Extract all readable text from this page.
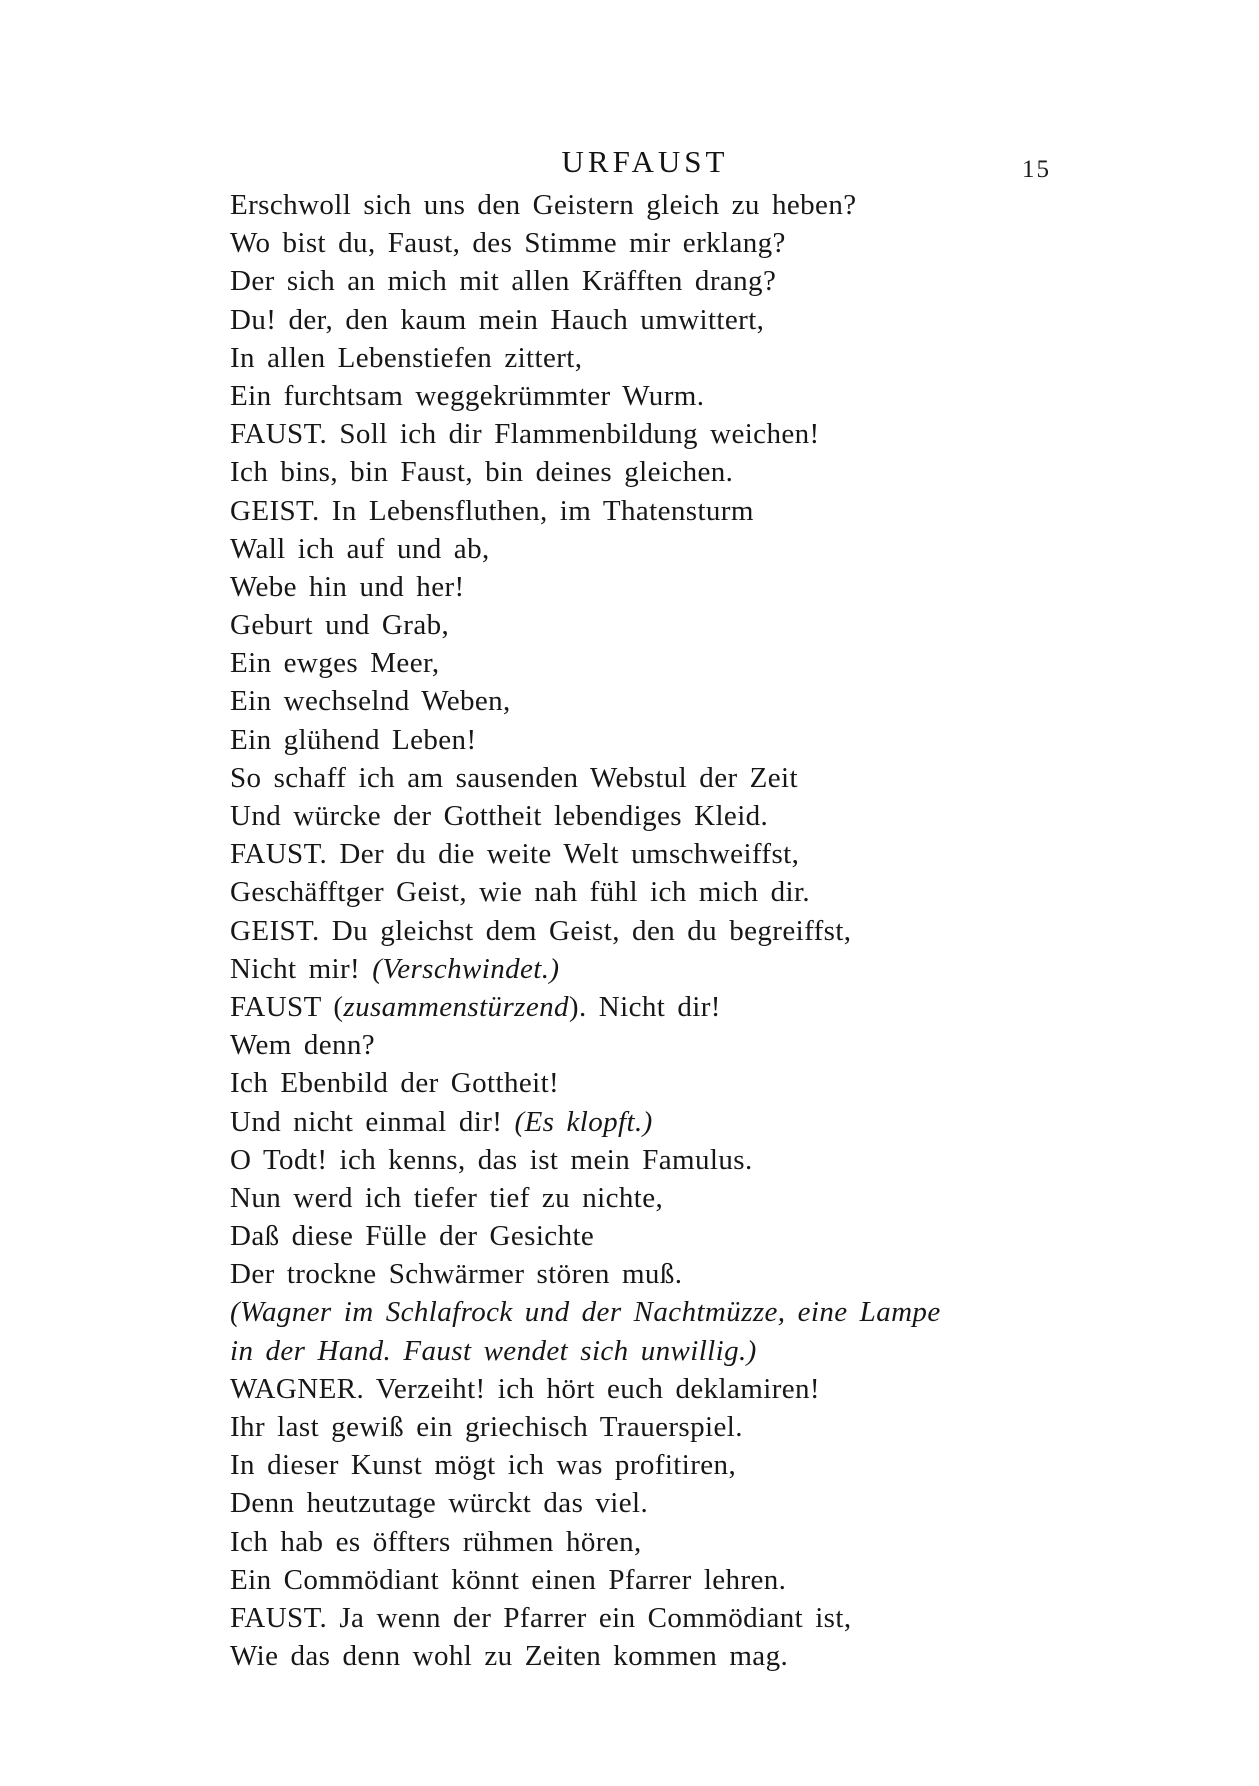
URFAUST	15
Erschwoll sich uns den Geistern gleich zu heben?
Wo bist du, Faust, des Stimme mir erklang?
Der sich an mich mit allen Kräfften drang?
Du! der, den kaum mein Hauch umwittert,
In allen Lebenstiefen zittert,
Ein furchtsam weggekrümmter Wurm.
FAUST. Soll ich dir Flammenbildung weichen!
Ich bins, bin Faust, bin deines gleichen.
GEIST. In Lebensfluthen, im Thatensturm
Wall ich auf und ab,
Webe hin und her!
Geburt und Grab,
Ein ewges Meer,
Ein wechselnd Weben,
Ein glühend Leben!
So schaff ich am sausenden Webstul der Zeit
Und würcke der Gottheit lebendiges Kleid.
FAUST. Der du die weite Welt umschweiffst,
Geschäfftger Geist, wie nah fühl ich mich dir.
GEIST. Du gleichst dem Geist, den du begreiffst,
Nicht mir! (Verschwindet.)
FAUST (zusammenstürzend). Nicht dir!
Wem denn?
Ich Ebenbild der Gottheit!
Und nicht einmal dir! (Es klopft.)
O Todt! ich kenns, das ist mein Famulus.
Nun werd ich tiefer tief zu nichte,
Daß diese Fülle der Gesichte
Der trockne Schwärmer stören muß.
(Wagner im Schlafrock und der Nachtmüzze, eine Lampe
in der Hand. Faust wendet sich unwillig.)
WAGNER. Verzeiht! ich hört euch deklamiren!
Ihr last gewiß ein griechisch Trauerspiel.
In dieser Kunst mögt ich was profitiren,
Denn heutzutage würckt das viel.
Ich hab es öffters rühmen hören,
Ein Commödiant könnt einen Pfarrer lehren.
FAUST. Ja wenn der Pfarrer ein Commödiant ist,
Wie das denn wohl zu Zeiten kommen mag.
